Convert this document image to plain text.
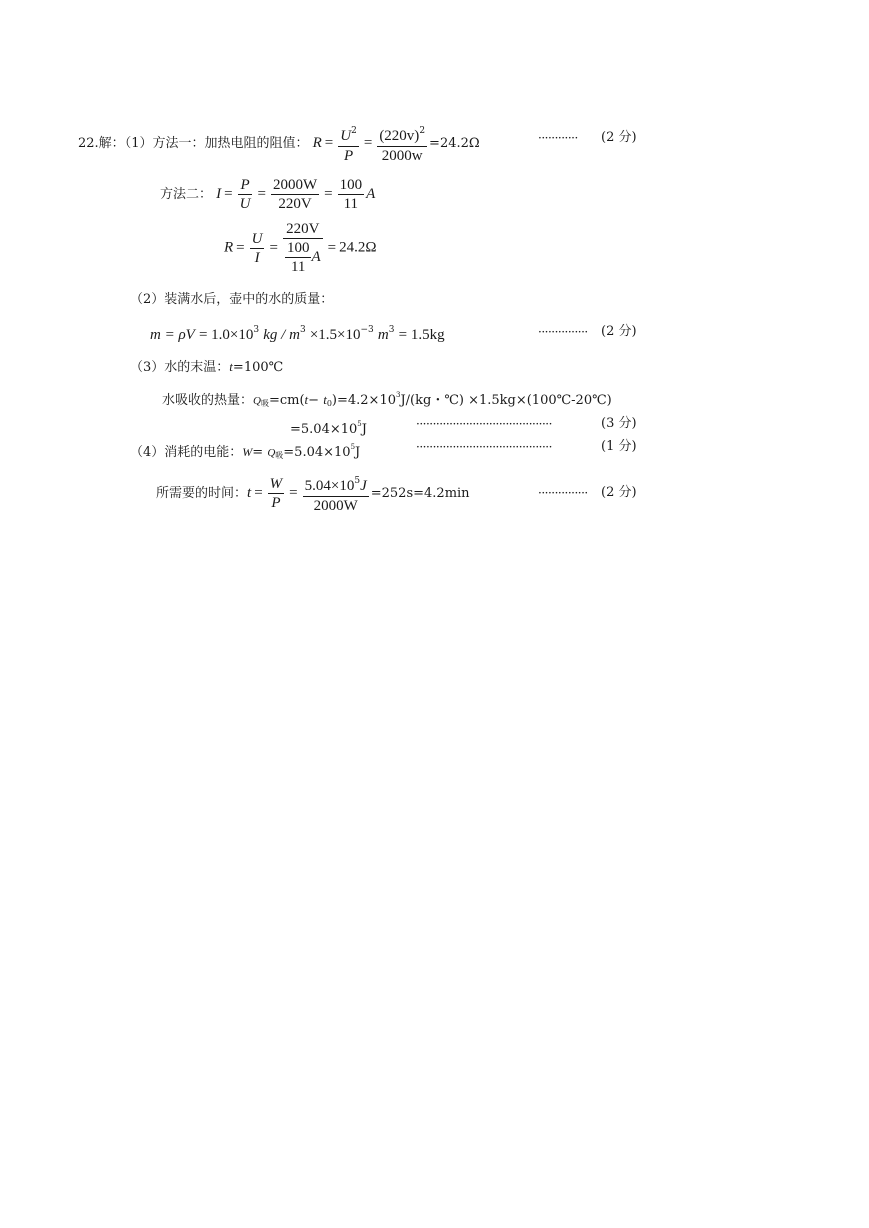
22.解：（1）方法一：加热电阻的阻值： $R = \frac{U^2}{P} = \frac{(220v)^2}{2000w} =24.2\Omega$	············ (2 分)
方法二： $I = \frac{P}{U} = \frac{2000W}{220V} = \frac{100}{11}$ A
$R = \frac{U}{I} = \frac{220V}{\frac{100}{11} A} = 24.2\Omega$
（2）装满水后，壶中的水的质量：
$m = \rho V = 1.0\times 10^3$ kg / $m^3 \times 1.5\times 10^{-3}$ $m^3 = 1.5kg$	··············· (2 分)
（3）水的末温：t=100℃
水吸收的热量：$Q_吸=cm(t- t_0)=4.2\times 10^3J/(kg$・℃) ×1.5kg×(100℃-20℃)
$=5.04\times 10^5J$	·········································	(3 分)
（4）消耗的电能：$W= Q_吸=5.04\times 10^5J$	·········································	(1 分)
所需要的时间：$t = \frac{W}{P} = \frac{5.04\times 10^5J}{2000W} =252s=4.2\min$	··············· (2 分)
